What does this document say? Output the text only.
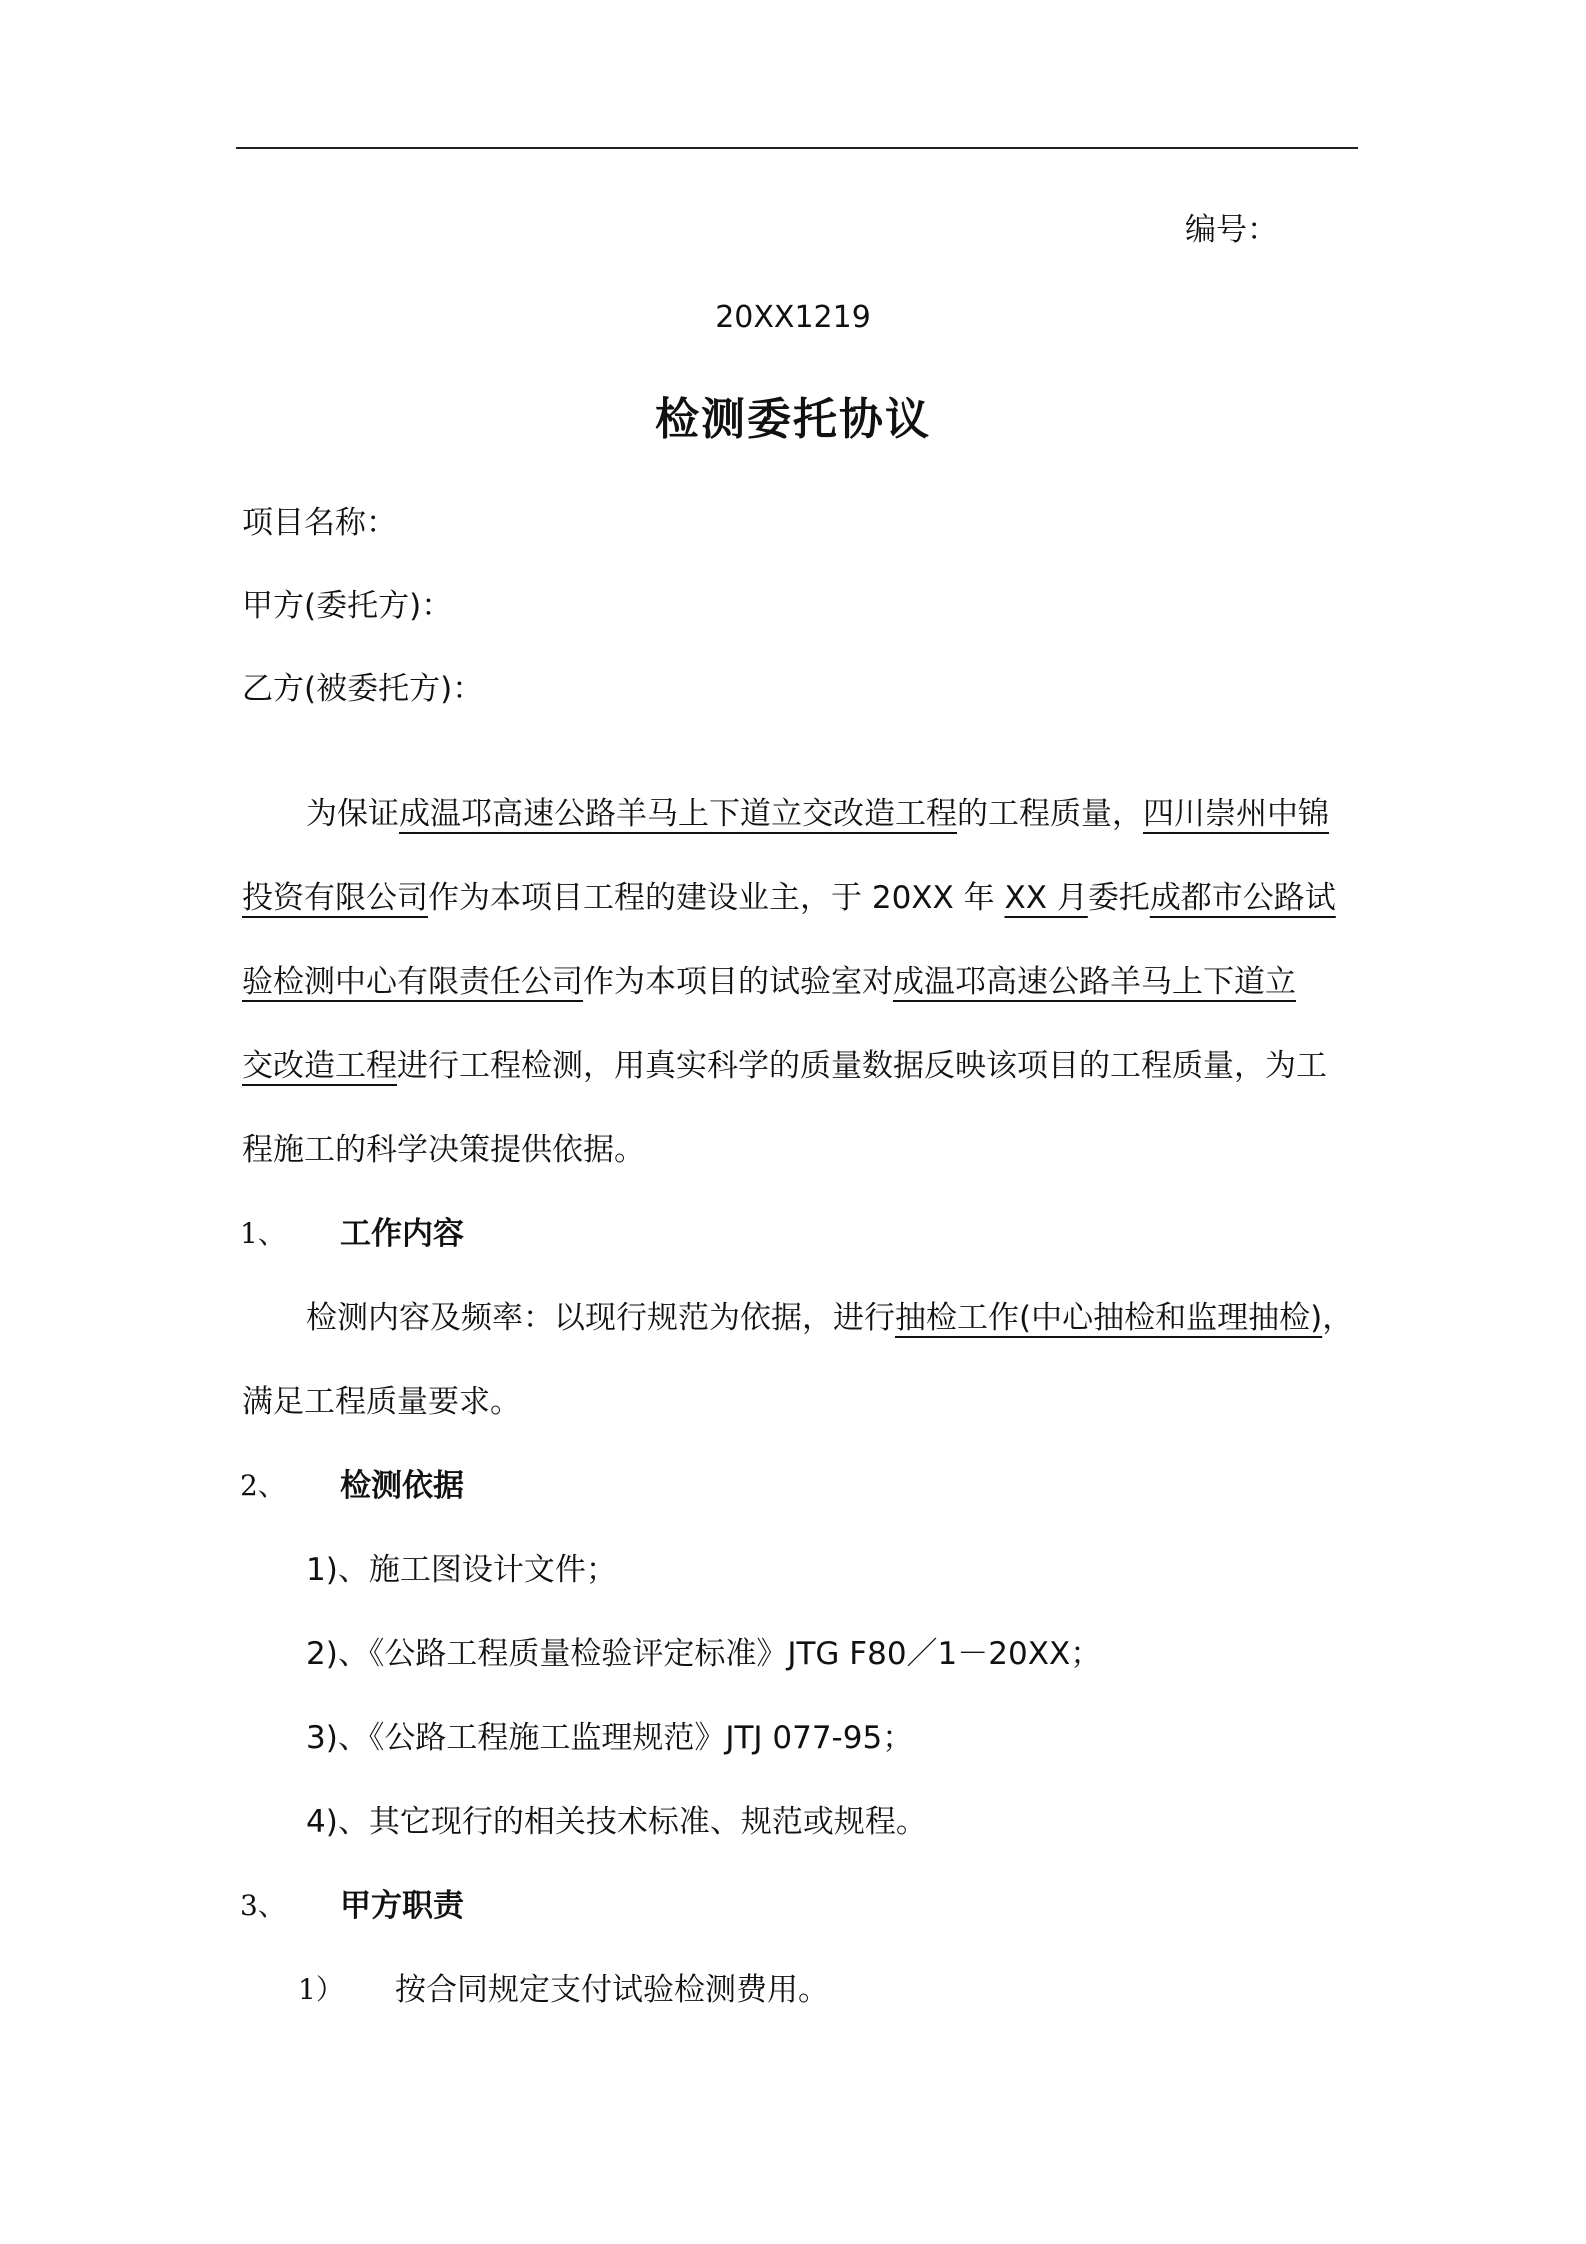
编号：
20XX1219
检测委托协议
项目名称：
甲方(委托方)：
乙方(被委托方)：
为保证成温邛高速公路羊马上下道立交改造工程的工程质量，四川崇州中锦
投资有限公司作为本项目工程的建设业主，于 20XX 年 XX 月委托成都市公路试
验检测中心有限责任公司作为本项目的试验室对成温邛高速公路羊马上下道立
交改造工程进行工程检测，用真实科学的质量数据反映该项目的工程质量，为工
程施工的科学决策提供依据。
1、 工作内容
检测内容及频率：以现行规范为依据，进行抽检工作(中心抽检和监理抽检)，
满足工程质量要求。
2、 检测依据
1)、施工图设计文件；
2)、《公路工程质量检验评定标准》JTG F80／1－20XX；
3)、《公路工程施工监理规范》JTJ 077-95；
4)、其它现行的相关技术标准、规范或规程。
3、 甲方职责
1） 按合同规定支付试验检测费用。
